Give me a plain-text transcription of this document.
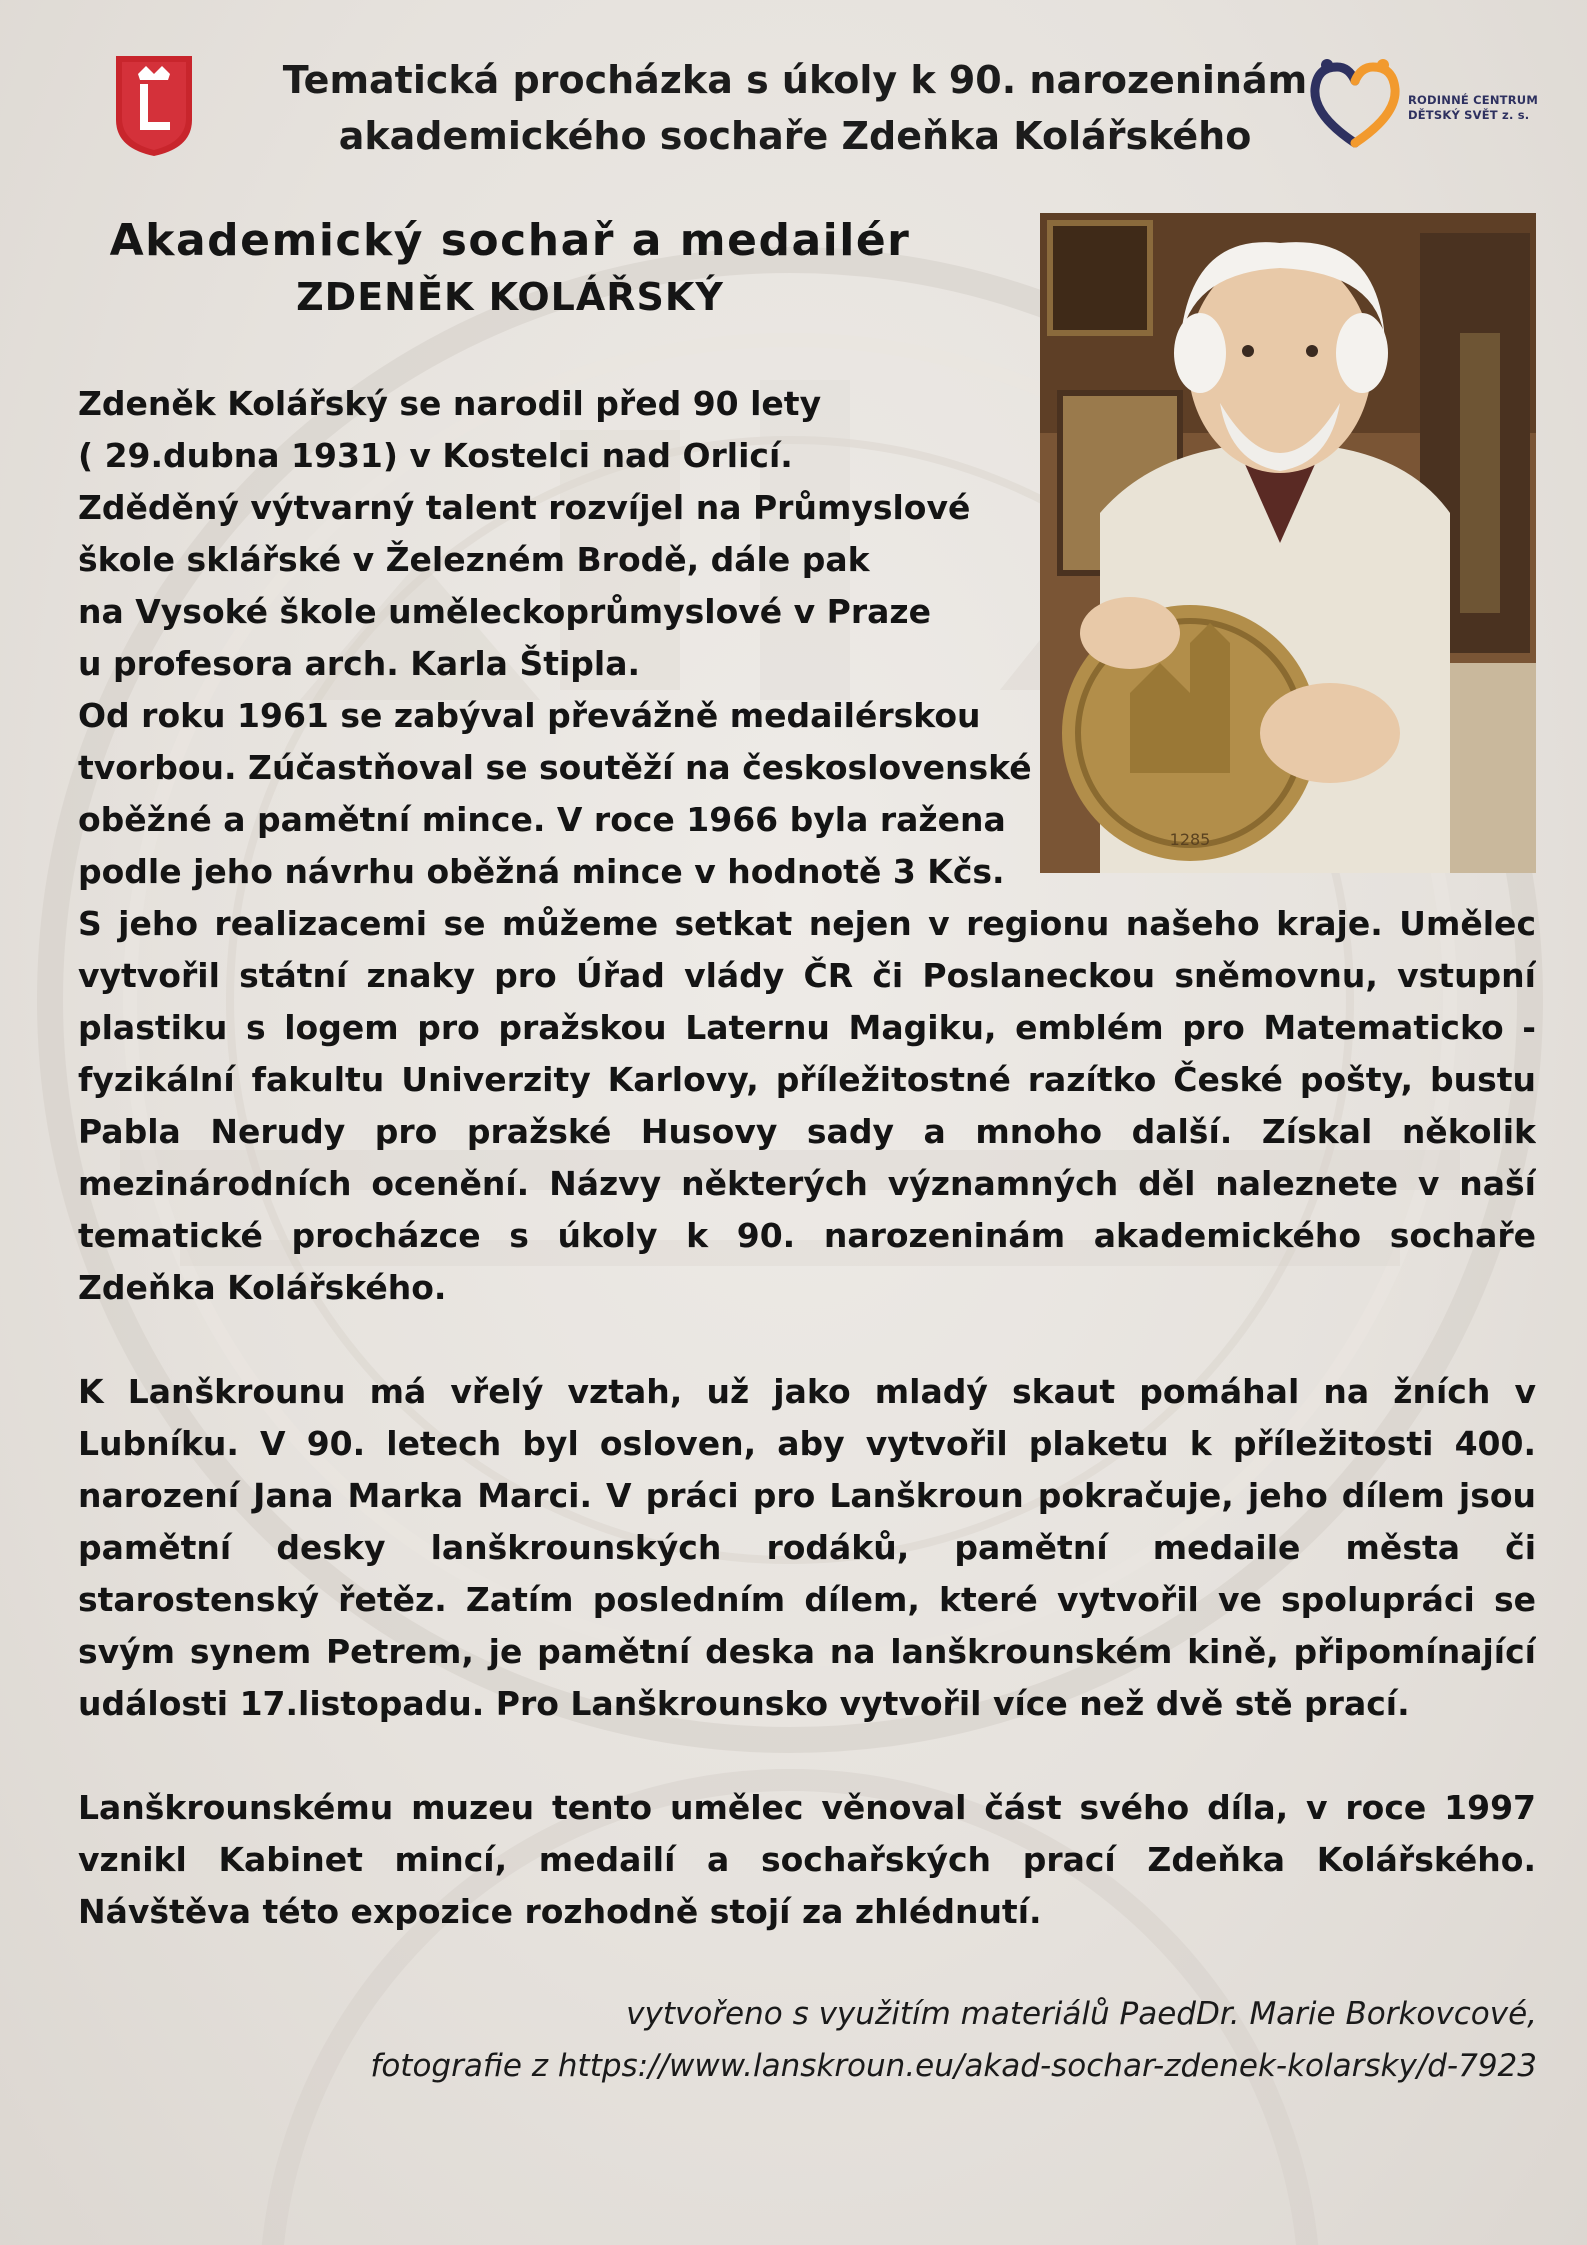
Tematická procházka s úkoly k 90. narozeninám
akademického sochaře Zdeňka Kolářského
RODINNÉ CENTRUM
DĚTSKÝ SVĚT z. s.
Akademický sochař a medailér
ZDENĚK KOLÁŘSKÝ
1285
Zdeněk Kolářský se narodil před 90 lety
( 29.dubna 1931) v Kostelci nad Orlicí.
Zděděný výtvarný talent rozvíjel na Průmyslové
škole sklářské v Železném Brodě, dále pak
na Vysoké škole uměleckoprůmyslové v Praze
u profesora arch. Karla Štipla.
Od roku 1961 se zabýval převážně medailérskou
tvorbou. Zúčastňoval se soutěží na československé
oběžné a pamětní mince. V roce 1966 byla ražena
podle jeho návrhu oběžná mince v hodnotě 3 Kčs.
S jeho realizacemi se můžeme setkat nejen v regionu našeho kraje. Umělec
vytvořil státní znaky pro Úřad vlády ČR či Poslaneckou sněmovnu, vstupní
plastiku s logem pro pražskou Laternu Magiku, emblém pro Matematicko -
fyzikální fakultu Univerzity Karlovy, příležitostné razítko České pošty, bustu
Pabla Nerudy pro pražské Husovy sady a mnoho další. Získal několik
mezinárodních ocenění. Názvy některých významných děl naleznete v naší
tematické procházce s úkoly k 90. narozeninám akademického sochaře
Zdeňka Kolářského.
K Lanškrounu má vřelý vztah, už jako mladý skaut pomáhal na žních v
Lubníku. V 90. letech byl osloven, aby vytvořil plaketu k příležitosti 400.
narození Jana Marka Marci. V práci pro Lanškroun pokračuje, jeho dílem jsou
pamětní desky lanškrounských rodáků, pamětní medaile města či
starostenský řetěz. Zatím posledním dílem, které vytvořil ve spolupráci se
svým synem Petrem, je pamětní deska na lanškrounském kině, připomínající
události 17.listopadu. Pro Lanškrounsko vytvořil více než dvě stě prací.
Lanškrounskému muzeu tento umělec věnoval část svého díla, v roce 1997
vznikl Kabinet mincí, medailí a sochařských prací Zdeňka Kolářského.
Návštěva této expozice rozhodně stojí za zhlédnutí.
vytvořeno s využitím materiálů PaedDr. Marie Borkovcové,
fotografie z https://www.lanskroun.eu/akad-sochar-zdenek-kolarsky/d-7923
